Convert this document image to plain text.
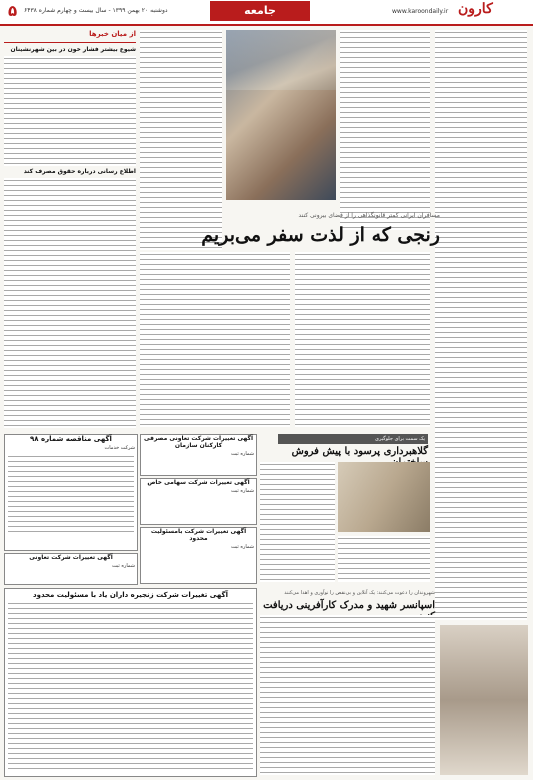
۵ دوشنبه ۲۰ بهمن ۱۳۹۹ - سال بیست و چهارم شماره ۶۴۳۸	جامعه	www.karoondaily.ir کارون
مسافران ایرانی کمتر قانونگذاهی را از فضای بیرونی کنند
رنجی که از لذت سفر می‌بریم
از میان خبرها
شیوع بیشتر فشار خون در بین شهرنشینان
اطلاع رسانی درباره حقوق مصرف کند
یک سمت برای جلوگیری
گلاهبرداری پرسود با پیش فروش
آگهی مناقصه شماره ۹۸
شرکت خدمات
آگهی تغییرات شرکت تعاونی مصرفی کارکنان سازمان
شماره ثبت
آگهی تغییرات شرکت سهامی خاص
شماره ثبت
آگهی تغییرات شرکت بامسئولیت محدود
شماره ثبت
آگهی تغییرات شرکت تعاونی
شماره ثبت
شهروندان را دعوت می‌کنند: یک آنلاین و بی‌نقص را نوآوری و اهدا می‌کنند
اسپانسر شهید و مدرک کارآفرینی دریافت
آگهی تغییرات شرکت زنجیره داران یاد با مسئولیت محدود
